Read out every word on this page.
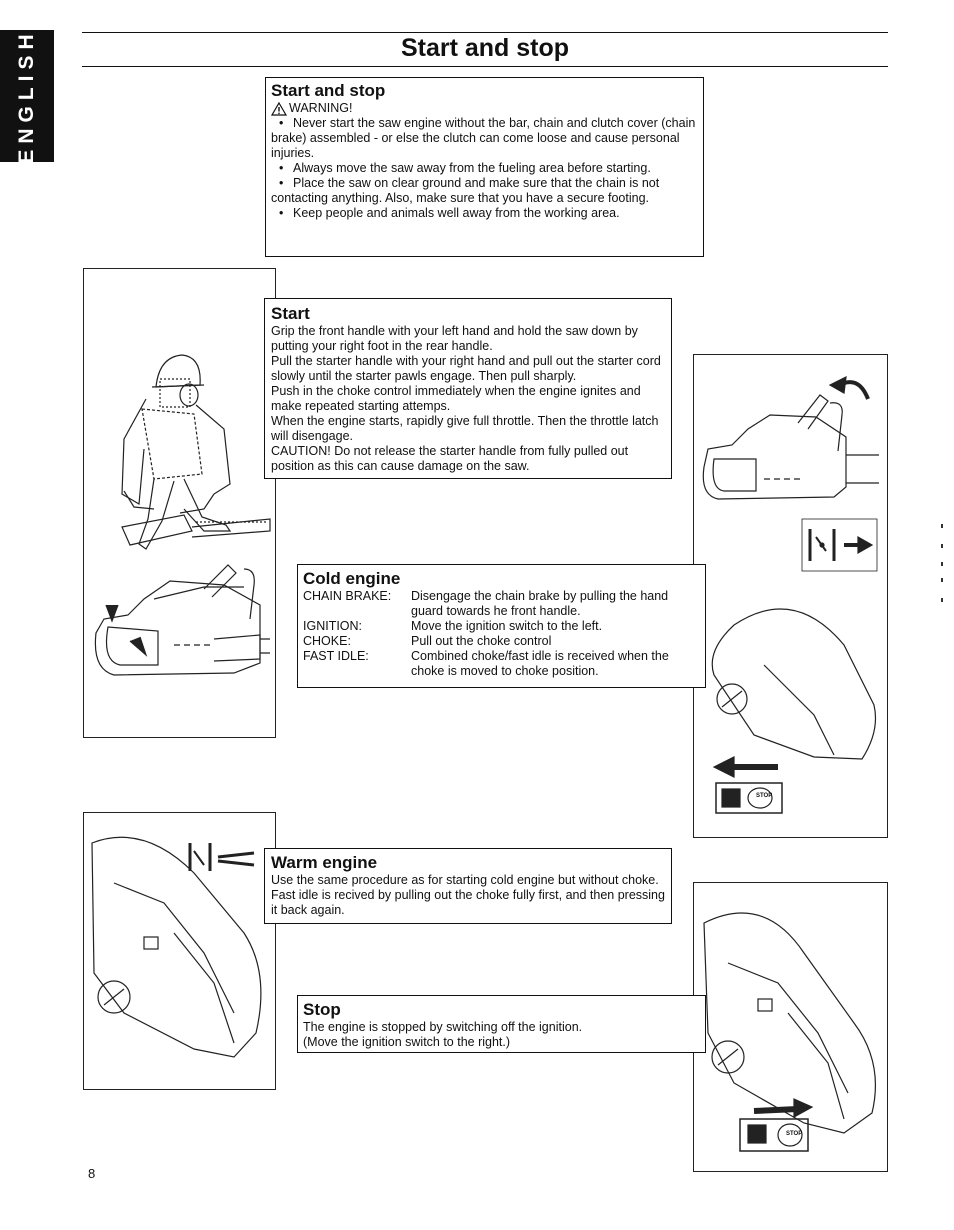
ENGLISH	Start and stop
STOP
STOP
Start and stop
WARNING!
• Never start the saw engine without the bar, chain and clutch cover (chain brake) assembled - or else the clutch can come loose and cause personal injuries.
• Always move the saw away from the fueling area before starting.
• Place the saw on clear ground and make sure that the chain is not contacting anything. Also, make sure that you have a secure footing.
• Keep people and animals well away from the working area.
Start
Grip the front handle with your left hand and hold the saw down by putting your right foot in the rear handle.
Pull the starter handle with your right hand and pull out the starter cord slowly until the starter pawls engage. Then pull sharply.
Push in the choke control immediately when the engine ignites and make repeated starting attemps.
When the engine starts, rapidly give full throttle. Then the throttle latch will disengage.
CAUTION! Do not release the starter handle from fully pulled out position as this can cause damage on the saw.
Cold engine
CHAIN BRAKE:	Disengage the chain brake by pulling the hand guard towards he front handle.
IGNITION:	Move the ignition switch to the left.
CHOKE:	Pull out the choke control
FAST IDLE:	Combined choke/fast idle is received when the choke is moved to choke position.
Warm engine
Use the same procedure as for starting cold engine but without choke. Fast idle is recived by pulling out the choke fully first, and then pressing it back again.
Stop
The engine is stopped by switching off the ignition.
(Move the ignition switch to the right.)
8
